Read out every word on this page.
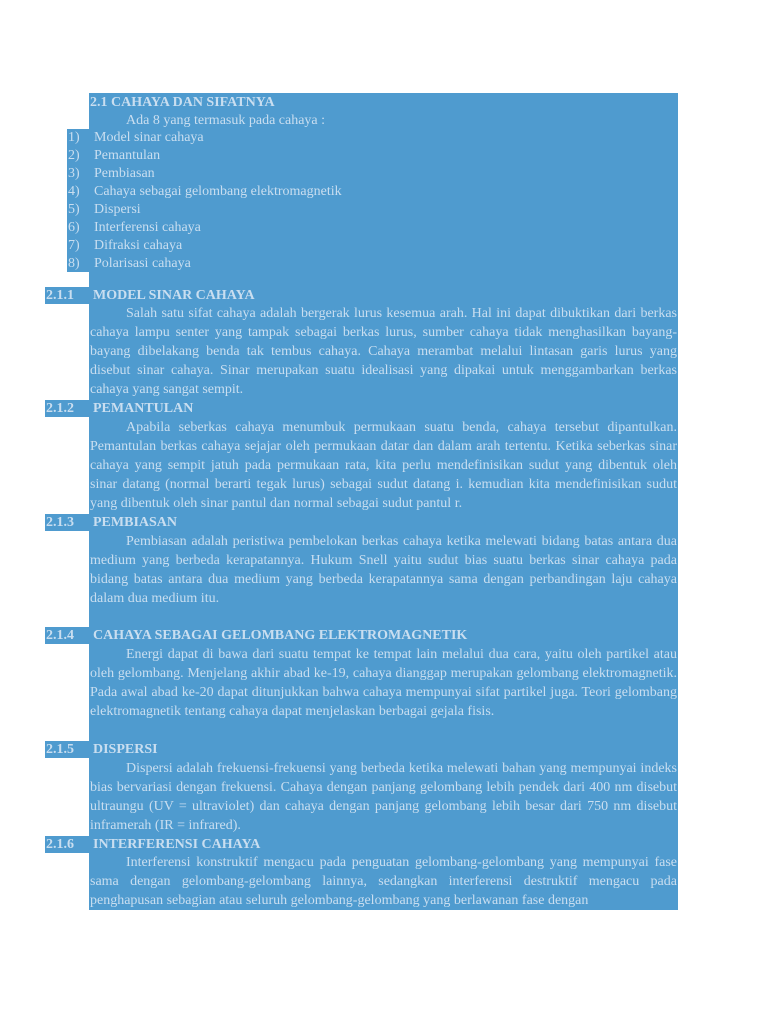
2.1 CAHAYA DAN SIFATNYA
Ada 8 yang termasuk pada cahaya :
1) Model sinar cahaya
2) Pemantulan
3) Pembiasan
4) Cahaya sebagai gelombang elektromagnetik
5) Dispersi
6) Interferensi cahaya
7) Difraksi cahaya
8) Polarisasi cahaya
2.1.1 MODEL SINAR CAHAYA
Salah satu sifat cahaya adalah bergerak lurus kesemua arah. Hal ini dapat dibuktikan dari berkas cahaya lampu senter yang tampak sebagai berkas lurus, sumber cahaya tidak menghasilkan bayang-bayang dibelakang benda tak tembus cahaya. Cahaya merambat melalui lintasan garis lurus yang disebut sinar cahaya. Sinar merupakan suatu idealisasi yang dipakai untuk menggambarkan berkas cahaya yang sangat sempit.
2.1.2 PEMANTULAN
Apabila seberkas cahaya menumbuk permukaan suatu benda, cahaya tersebut dipantulkan. Pemantulan berkas cahaya sejajar oleh permukaan datar dan dalam arah tertentu. Ketika seberkas sinar cahaya yang sempit jatuh pada permukaan rata, kita perlu mendefinisikan sudut yang dibentuk oleh sinar datang (normal berarti tegak lurus) sebagai sudut datang i. kemudian kita mendefinisikan sudut yang dibentuk oleh sinar pantul dan normal sebagai sudut pantul r.
2.1.3 PEMBIASAN
Pembiasan adalah peristiwa pembelokan berkas cahaya ketika melewati bidang batas antara dua medium yang berbeda kerapatannya. Hukum Snell yaitu sudut bias suatu berkas sinar cahaya pada bidang batas antara dua medium yang berbeda kerapatannya sama dengan perbandingan laju cahaya dalam dua medium itu.
2.1.4 CAHAYA SEBAGAI GELOMBANG ELEKTROMAGNETIK
Energi dapat di bawa dari suatu tempat ke tempat lain melalui dua cara, yaitu oleh partikel atau oleh gelombang. Menjelang akhir abad ke-19, cahaya dianggap merupakan gelombang elektromagnetik. Pada awal abad ke-20 dapat ditunjukkan bahwa cahaya mempunyai sifat partikel juga. Teori gelombang elektromagnetik tentang cahaya dapat menjelaskan berbagai gejala fisis.
2.1.5 DISPERSI
Dispersi adalah frekuensi-frekuensi yang berbeda ketika melewati bahan yang mempunyai indeks bias bervariasi dengan frekuensi. Cahaya dengan panjang gelombang lebih pendek dari 400 nm disebut ultraungu (UV = ultraviolet) dan cahaya dengan panjang gelombang lebih besar dari 750 nm disebut inframerah (IR = infrared).
2.1.6 INTERFERENSI CAHAYA
Interferensi konstruktif mengacu pada penguatan gelombang-gelombang yang mempunyai fase sama dengan gelombang-gelombang lainnya, sedangkan interferensi destruktif mengacu pada penghapusan sebagian atau seluruh gelombang-gelombang yang berlawanan fase dengan
